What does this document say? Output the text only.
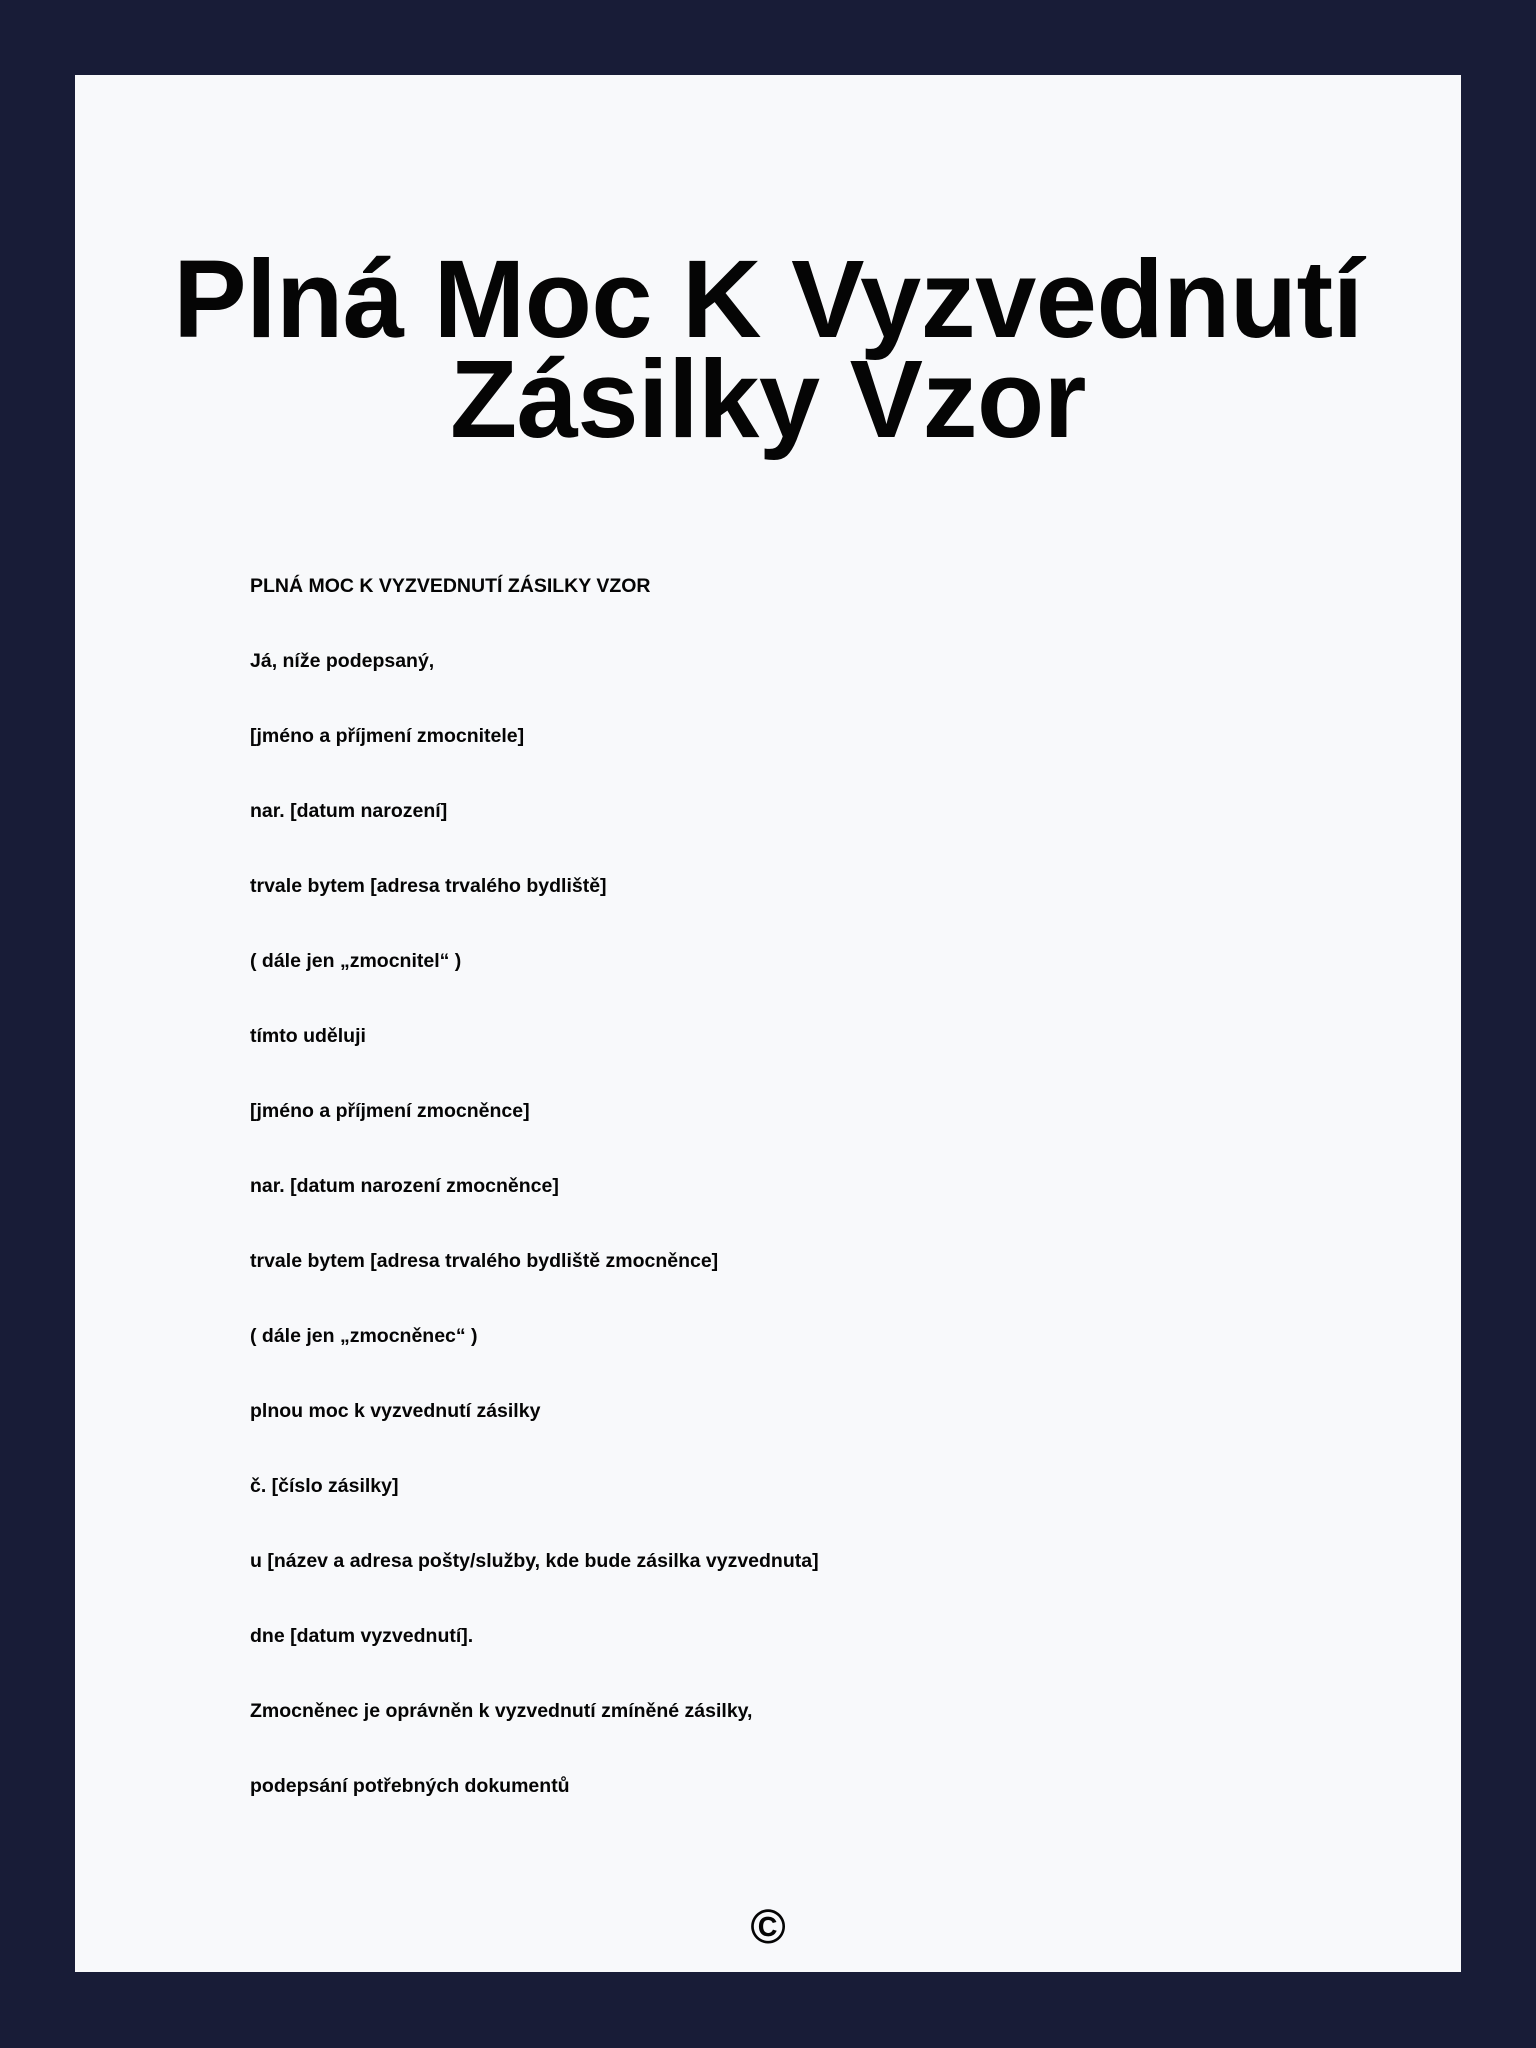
Plná Moc K Vyzvednutí
Zásilky Vzor
PLNÁ MOC K VYZVEDNUTÍ ZÁSILKY VZOR
Já, níže podepsaný,
[jméno a příjmení zmocnitele]
nar. [datum narození]
trvale bytem [adresa trvalého bydliště]
( dále jen „zmocnitel“ )
tímto uděluji
[jméno a příjmení zmocněnce]
nar. [datum narození zmocněnce]
trvale bytem [adresa trvalého bydliště zmocněnce]
( dále jen „zmocněnec“ )
plnou moc k vyzvednutí zásilky
č. [číslo zásilky]
u [název a adresa pošty/služby, kde bude zásilka vyzvednuta]
dne [datum vyzvednutí].
Zmocněnec je oprávněn k vyzvednutí zmíněné zásilky,
podepsání potřebných dokumentů
©
